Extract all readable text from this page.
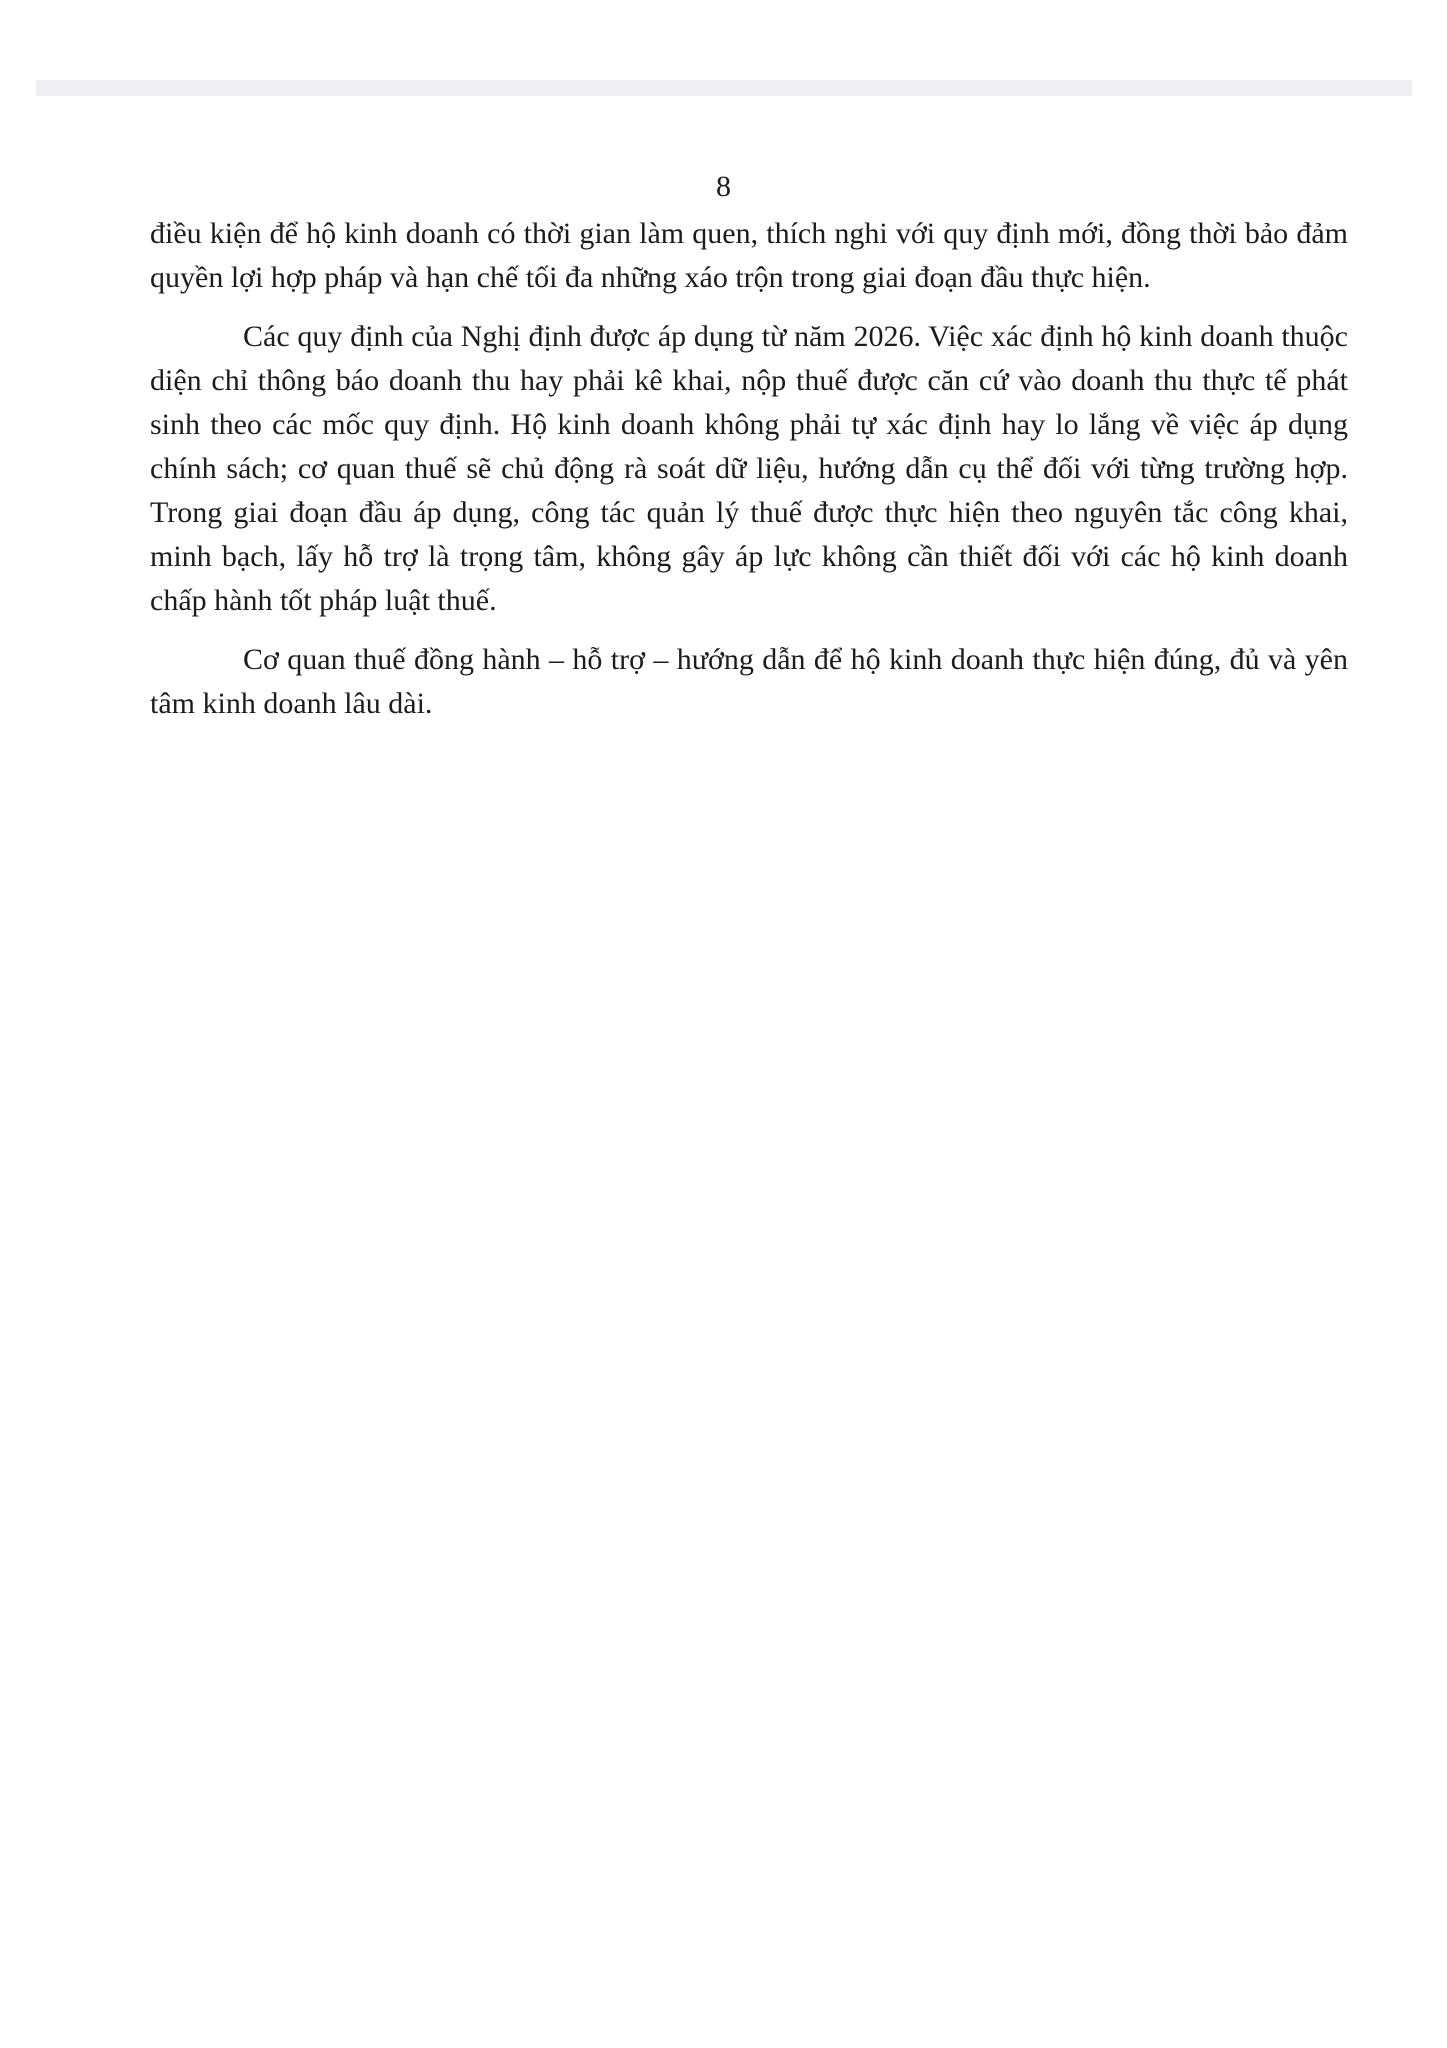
8

điều kiện để hộ kinh doanh có thời gian làm quen, thích nghi với quy định mới, đồng thời bảo đảm quyền lợi hợp pháp và hạn chế tối đa những xáo trộn trong giai đoạn đầu thực hiện.

Các quy định của Nghị định được áp dụng từ năm 2026. Việc xác định hộ kinh doanh thuộc diện chỉ thông báo doanh thu hay phải kê khai, nộp thuế được căn cứ vào doanh thu thực tế phát sinh theo các mốc quy định. Hộ kinh doanh không phải tự xác định hay lo lắng về việc áp dụng chính sách; cơ quan thuế sẽ chủ động rà soát dữ liệu, hướng dẫn cụ thể đối với từng trường hợp. Trong giai đoạn đầu áp dụng, công tác quản lý thuế được thực hiện theo nguyên tắc công khai, minh bạch, lấy hỗ trợ là trọng tâm, không gây áp lực không cần thiết đối với các hộ kinh doanh chấp hành tốt pháp luật thuế.

Cơ quan thuế đồng hành – hỗ trợ – hướng dẫn để hộ kinh doanh thực hiện đúng, đủ và yên tâm kinh doanh lâu dài.
